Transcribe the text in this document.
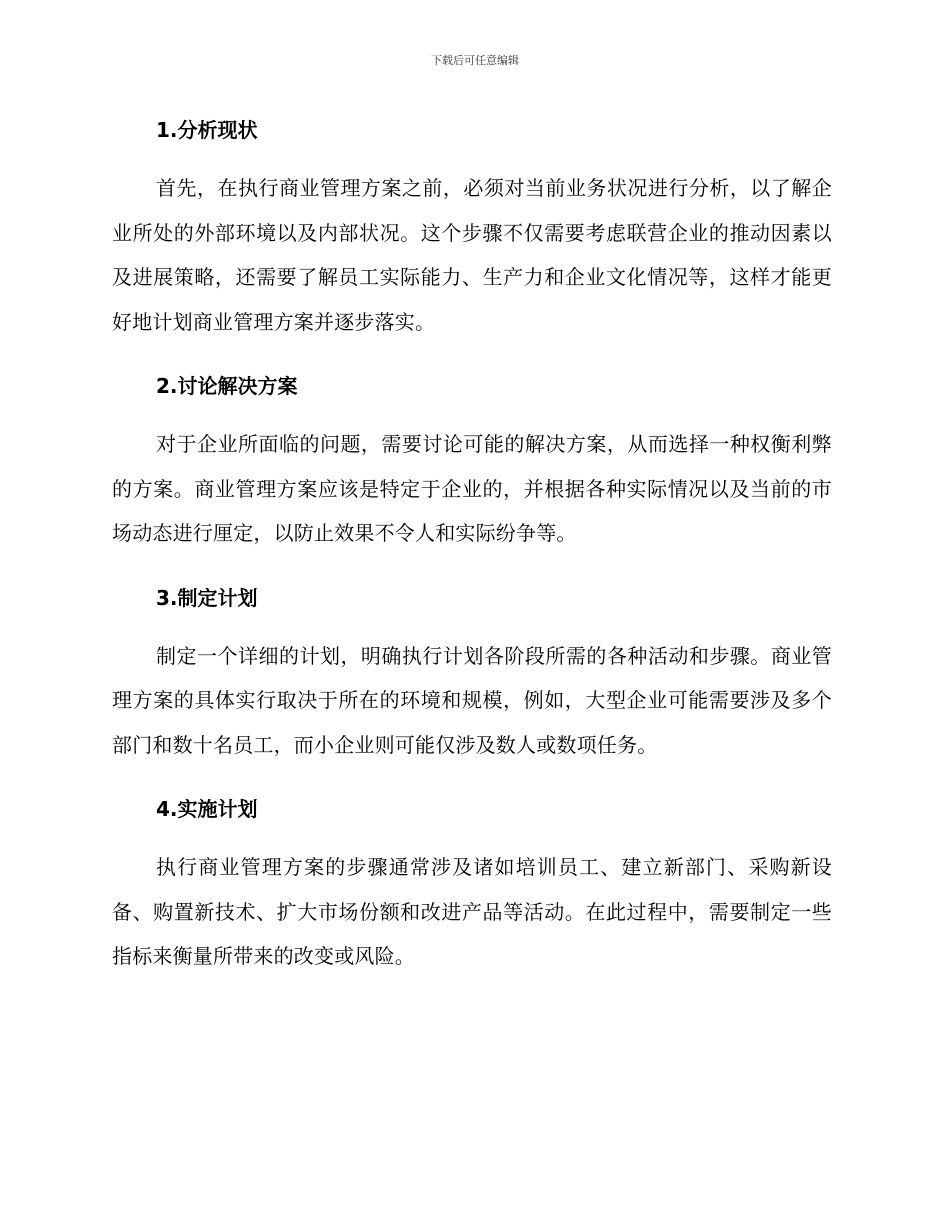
下载后可任意编辑
1.分析现状

首先，在执行商业管理方案之前，必须对当前业务状况进行分析，以了解企业所处的外部环境以及内部状况。这个步骤不仅需要考虑联营企业的推动因素以及进展策略，还需要了解员工实际能力、生产力和企业文化情况等，这样才能更好地计划商业管理方案并逐步落实。

2.讨论解决方案

对于企业所面临的问题，需要讨论可能的解决方案，从而选择一种权衡利弊的方案。商业管理方案应该是特定于企业的，并根据各种实际情况以及当前的市场动态进行厘定，以防止效果不令人和实际纷争等。

3.制定计划

制定一个详细的计划，明确执行计划各阶段所需的各种活动和步骤。商业管理方案的具体实行取决于所在的环境和规模，例如，大型企业可能需要涉及多个部门和数十名员工，而小企业则可能仅涉及数人或数项任务。

4.实施计划

执行商业管理方案的步骤通常涉及诸如培训员工、建立新部门、采购新设备、购置新技术、扩大市场份额和改进产品等活动。在此过程中，需要制定一些指标来衡量所带来的改变或风险。
